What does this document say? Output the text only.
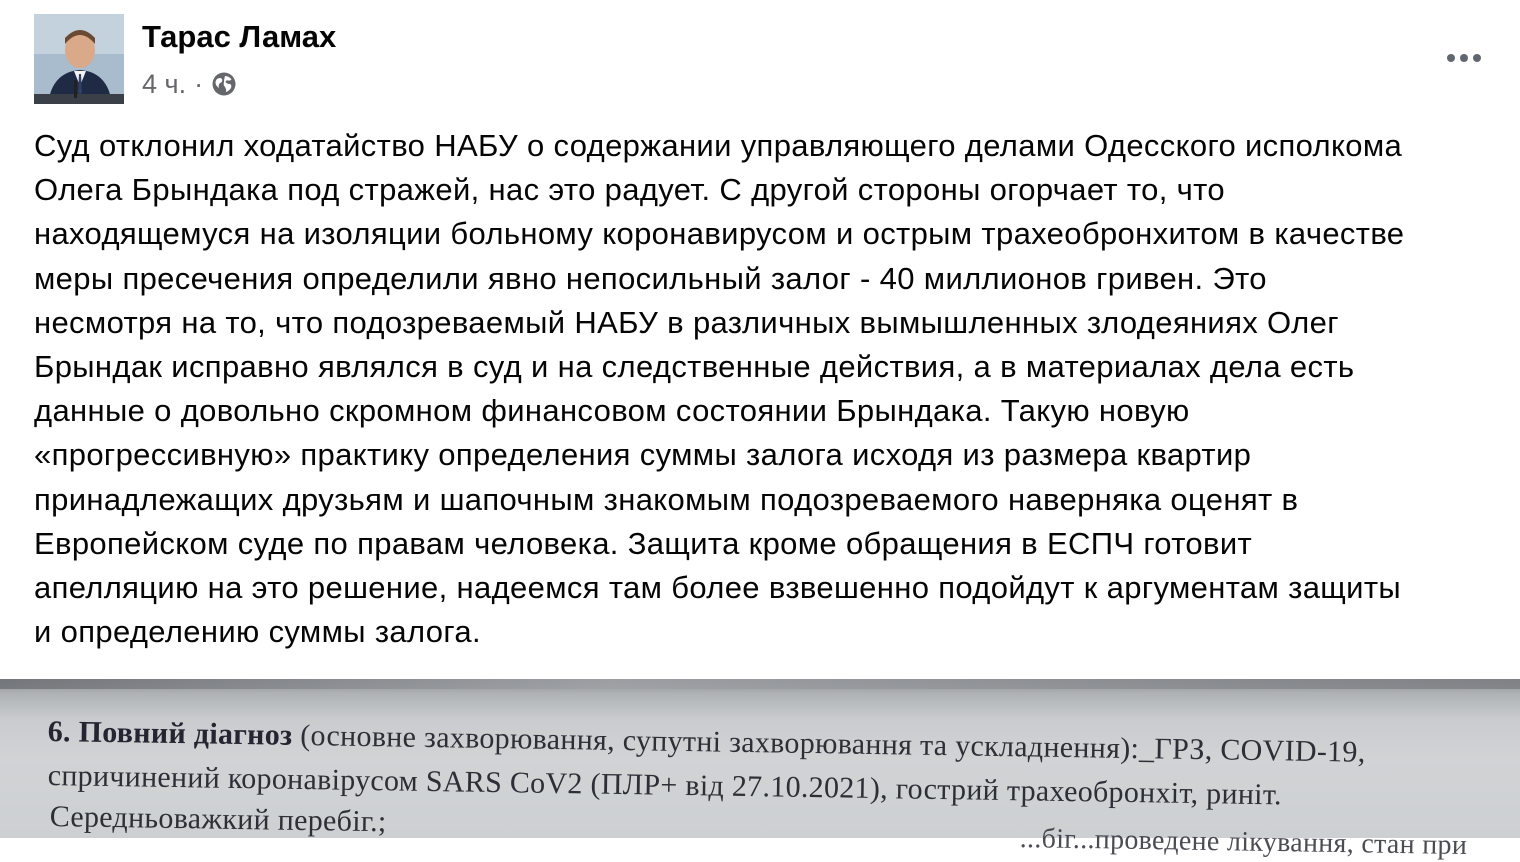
Тарас Ламах
4 ч. ·
Суд отклонил ходатайство НАБУ о содержании управляющего делами Одесского исполкома
Олега Брындака под стражей, нас это радует. С другой стороны огорчает то, что
находящемуся на изоляции больному коронавирусом и острым трахеобронхитом в качестве
меры пресечения определили явно непосильный залог - 40 миллионов гривен. Это
несмотря на то, что подозреваемый НАБУ в различных вымышленных злодеяниях Олег
Брындак исправно являлся в суд и на следственные действия, а в материалах дела есть
данные о довольно скромном финансовом состоянии Брындака. Такую новую
«прогрессивную» практику определения суммы залога исходя из размера квартир
принадлежащих друзьям и шапочным знакомым подозреваемого наверняка оценят в
Европейском суде по правам человека. Защита кроме обращения в ЕСПЧ готовит
апелляцию на это решение, надеемся там более взвешенно подойдут к аргументам защиты
и определению суммы залога.
6. Повний діагноз (основне захворювання, супутні захворювання та ускладнення):_ГРЗ, COVID-19,
спричинений коронавірусом SARS CoV2 (ПЛР+ від 27.10.2021), гострий трахеобронхіт, риніт.
Середньоважкий перебіг.;
...біг...проведене лікування, стан при
